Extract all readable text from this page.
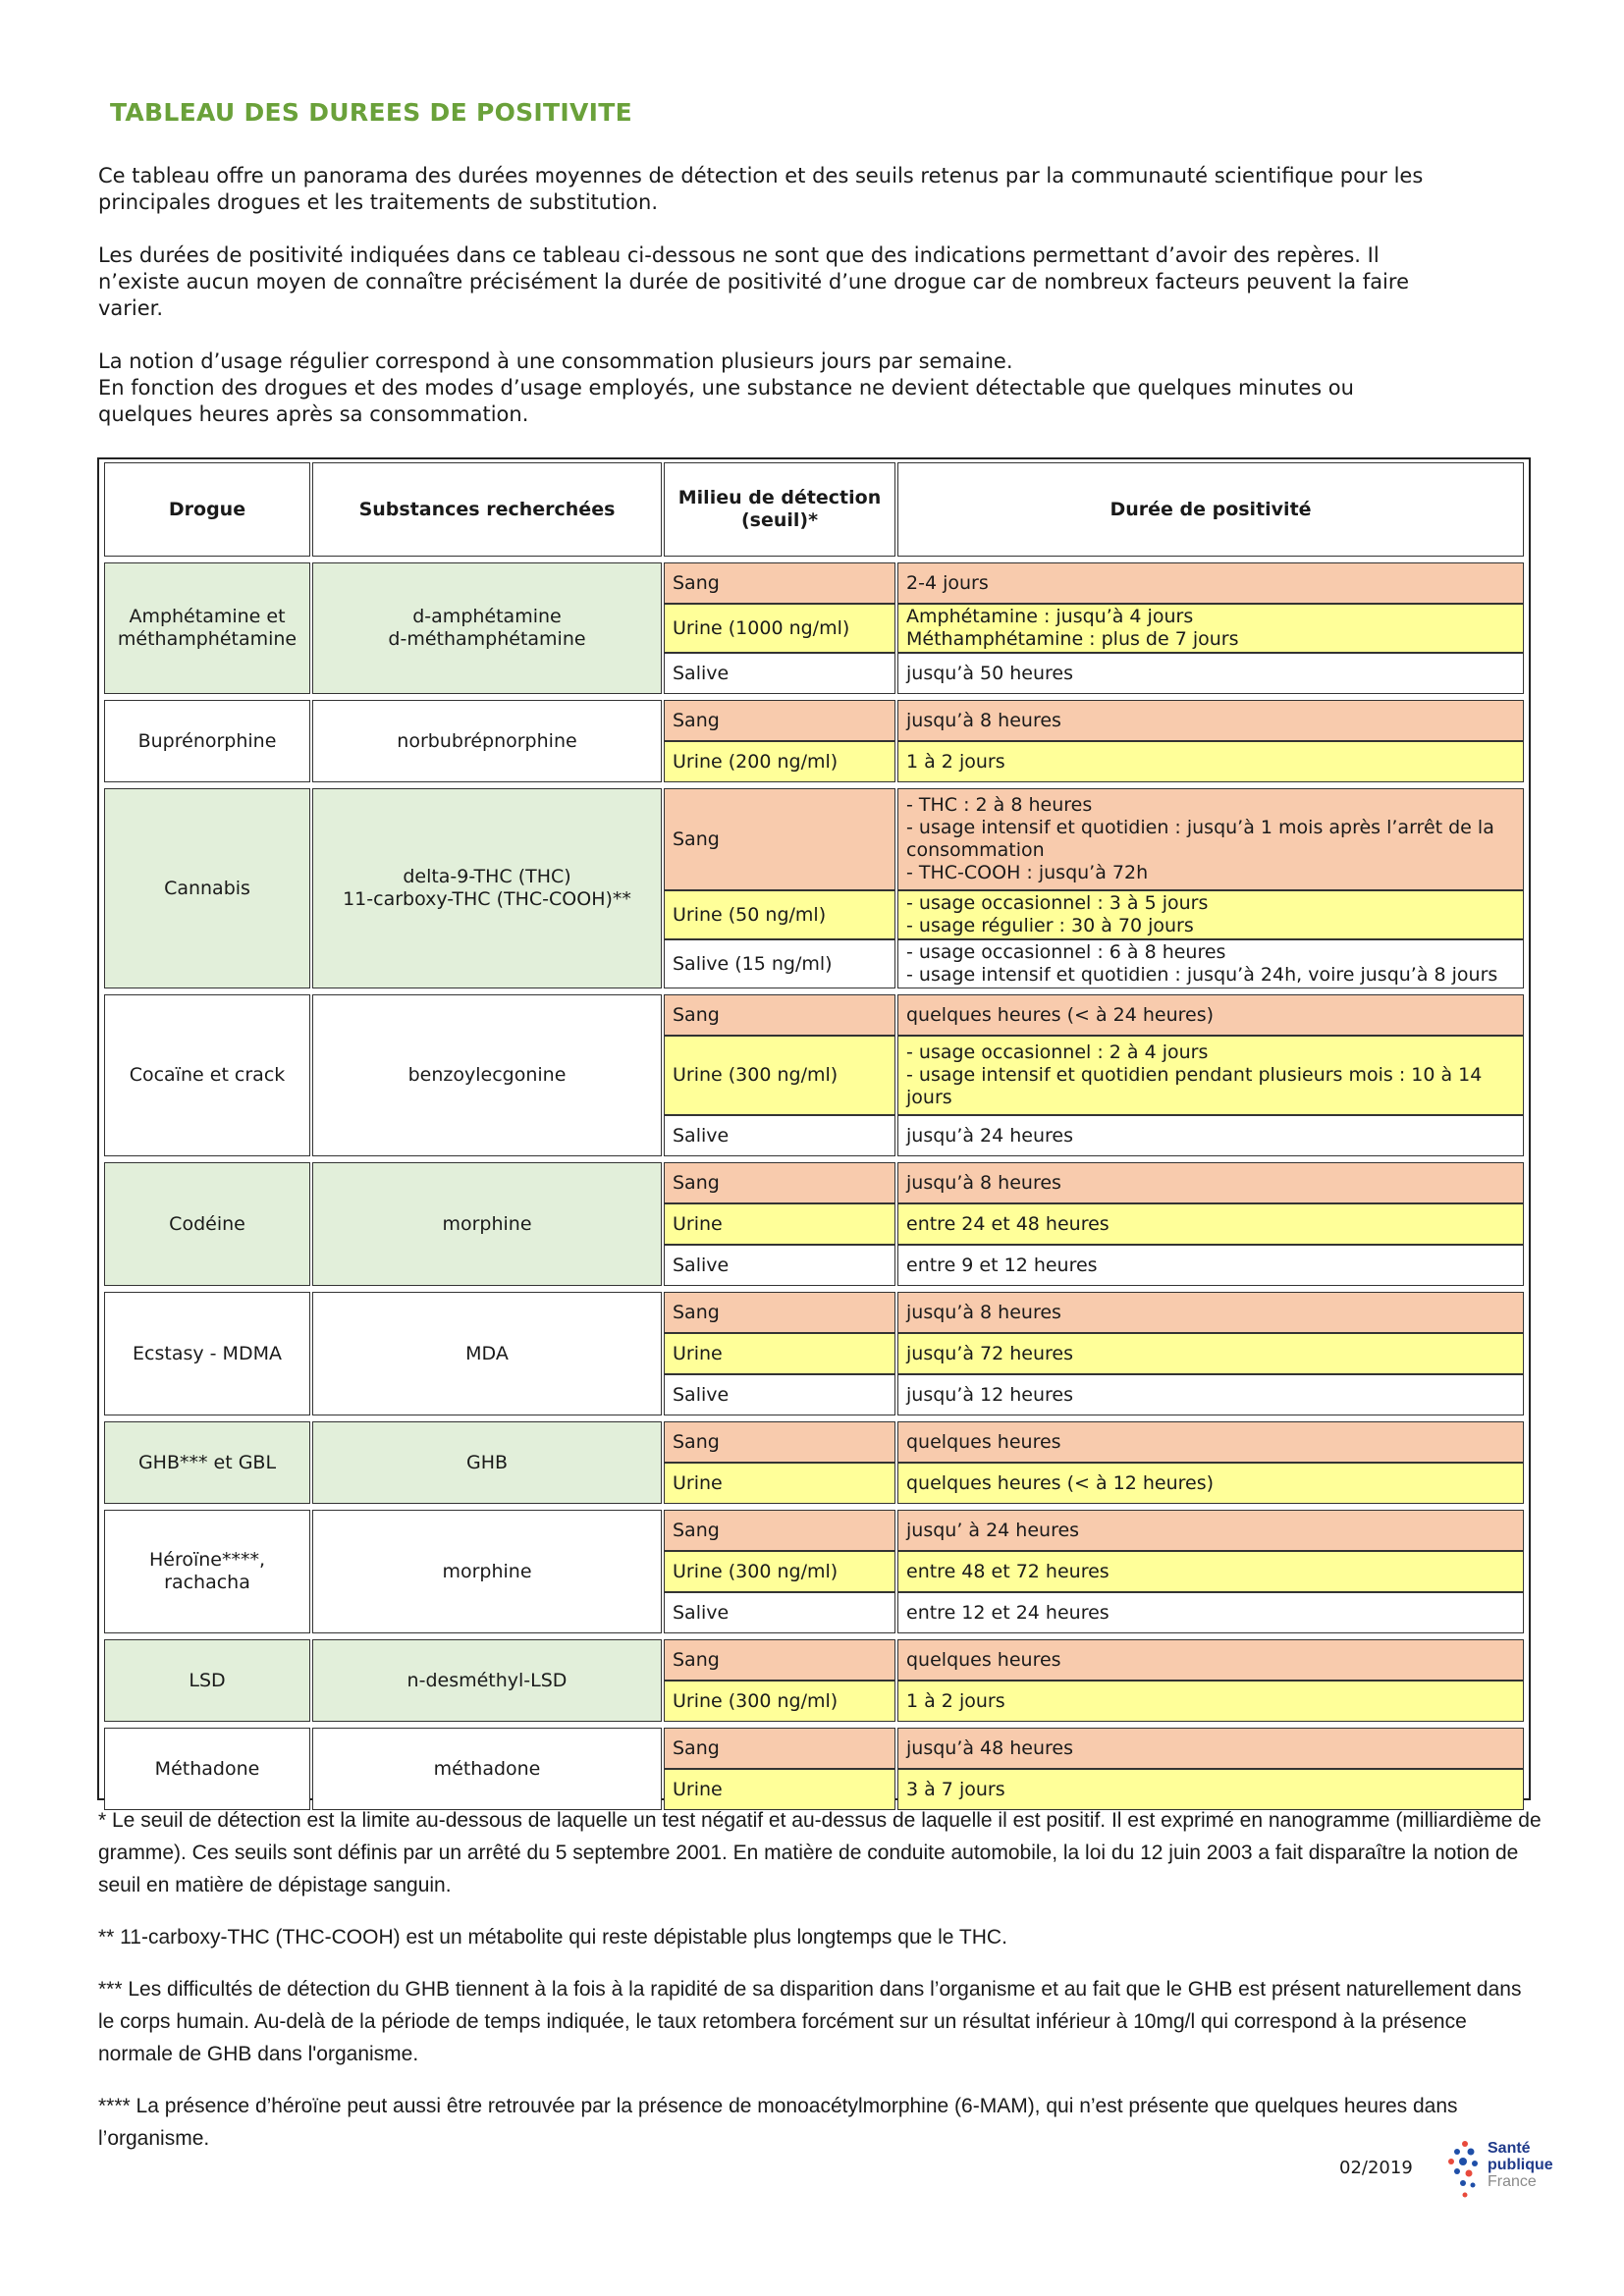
TABLEAU DES DUREES DE POSITIVITE

Ce tableau offre un panorama des durées moyennes de détection et des seuils retenus par la communauté scientifique pour les
principales drogues et les traitements de substitution.

Les durées de positivité indiquées dans ce tableau ci-dessous ne sont que des indications permettant d’avoir des repères. Il
n’existe aucun moyen de connaître précisément la durée de positivité d’une drogue car de nombreux facteurs peuvent la faire
varier.

La notion d’usage régulier correspond à une consommation plusieurs jours par semaine.
En fonction des drogues et des modes d’usage employés, une substance ne devient détectable que quelques minutes ou
quelques heures après sa consommation.

Drogue	Substances recherchées	Milieu de détection
(seuil)*	Durée de positivité

Amphétamine et
méthamphétamine	d-amphétamine
d-méthamphétamine	Sang	2-4 jours
		Urine (1000 ng/ml)	Amphétamine : jusqu’à 4 jours
Méthamphétamine : plus de 7 jours
		Salive	jusqu’à 50 heures

Buprénorphine	norbubrépnorphine	Sang	jusqu’à 8 heures
		Urine (200 ng/ml)	1 à 2 jours

Cannabis	delta-9-THC (THC)
11-carboxy-THC (THC-COOH)**	Sang	- THC : 2 à 8 heures
- usage intensif et quotidien : jusqu’à 1 mois après l’arrêt de la
consommation
- THC-COOH : jusqu’à 72h
		Urine (50 ng/ml)	- usage occasionnel : 3 à 5 jours
- usage régulier : 30 à 70 jours
		Salive (15 ng/ml)	- usage occasionnel : 6 à 8 heures
- usage intensif et quotidien : jusqu’à 24h, voire jusqu’à 8 jours

Cocaïne et crack	benzoylecgonine	Sang	quelques heures (< à 24 heures)
		Urine (300 ng/ml)	- usage occasionnel : 2 à 4 jours
- usage intensif et quotidien pendant plusieurs mois : 10 à 14
jours
		Salive	jusqu’à 24 heures

Codéine	morphine	Sang	jusqu’à 8 heures
		Urine	entre 24 et 48 heures
		Salive	entre 9 et 12 heures

Ecstasy - MDMA	MDA	Sang	jusqu’à 8 heures
		Urine	jusqu’à 72 heures
		Salive	jusqu’à 12 heures

GHB*** et GBL	GHB	Sang	quelques heures
		Urine	quelques heures (< à 12 heures)

Héroïne****,
rachacha	morphine	Sang	jusqu’ à 24 heures
		Urine (300 ng/ml)	entre 48 et 72 heures
		Salive	entre 12 et 24 heures

LSD	n-desméthyl-LSD	Sang	quelques heures
		Urine (300 ng/ml)	1 à 2 jours

Méthadone	méthadone	Sang	jusqu’à 48 heures
		Urine	3 à 7 jours

* Le seuil de détection est la limite au-dessous de laquelle un test négatif et au-dessus de laquelle il est positif. Il est exprimé en nanogramme (milliardième de gramme). Ces seuils sont définis par un arrêté du 5 septembre 2001. En matière de conduite automobile, la loi du 12 juin 2003 a fait disparaître la notion de seuil en matière de dépistage sanguin.

** 11-carboxy-THC (THC-COOH) est un métabolite qui reste dépistable plus longtemps que le THC.

*** Les difficultés de détection du GHB tiennent à la fois à la rapidité de sa disparition dans l’organisme et au fait que le GHB est présent naturellement dans le corps humain. Au-delà de la période de temps indiquée, le taux retombera forcément sur un résultat inférieur à 10mg/l qui correspond à la présence normale de GHB dans l'organisme.

**** La présence d’héroïne peut aussi être retrouvée par la présence de monoacétylmorphine (6-MAM), qui n’est présente que quelques heures dans l’organisme.

02/2019
Santé
publique
France
